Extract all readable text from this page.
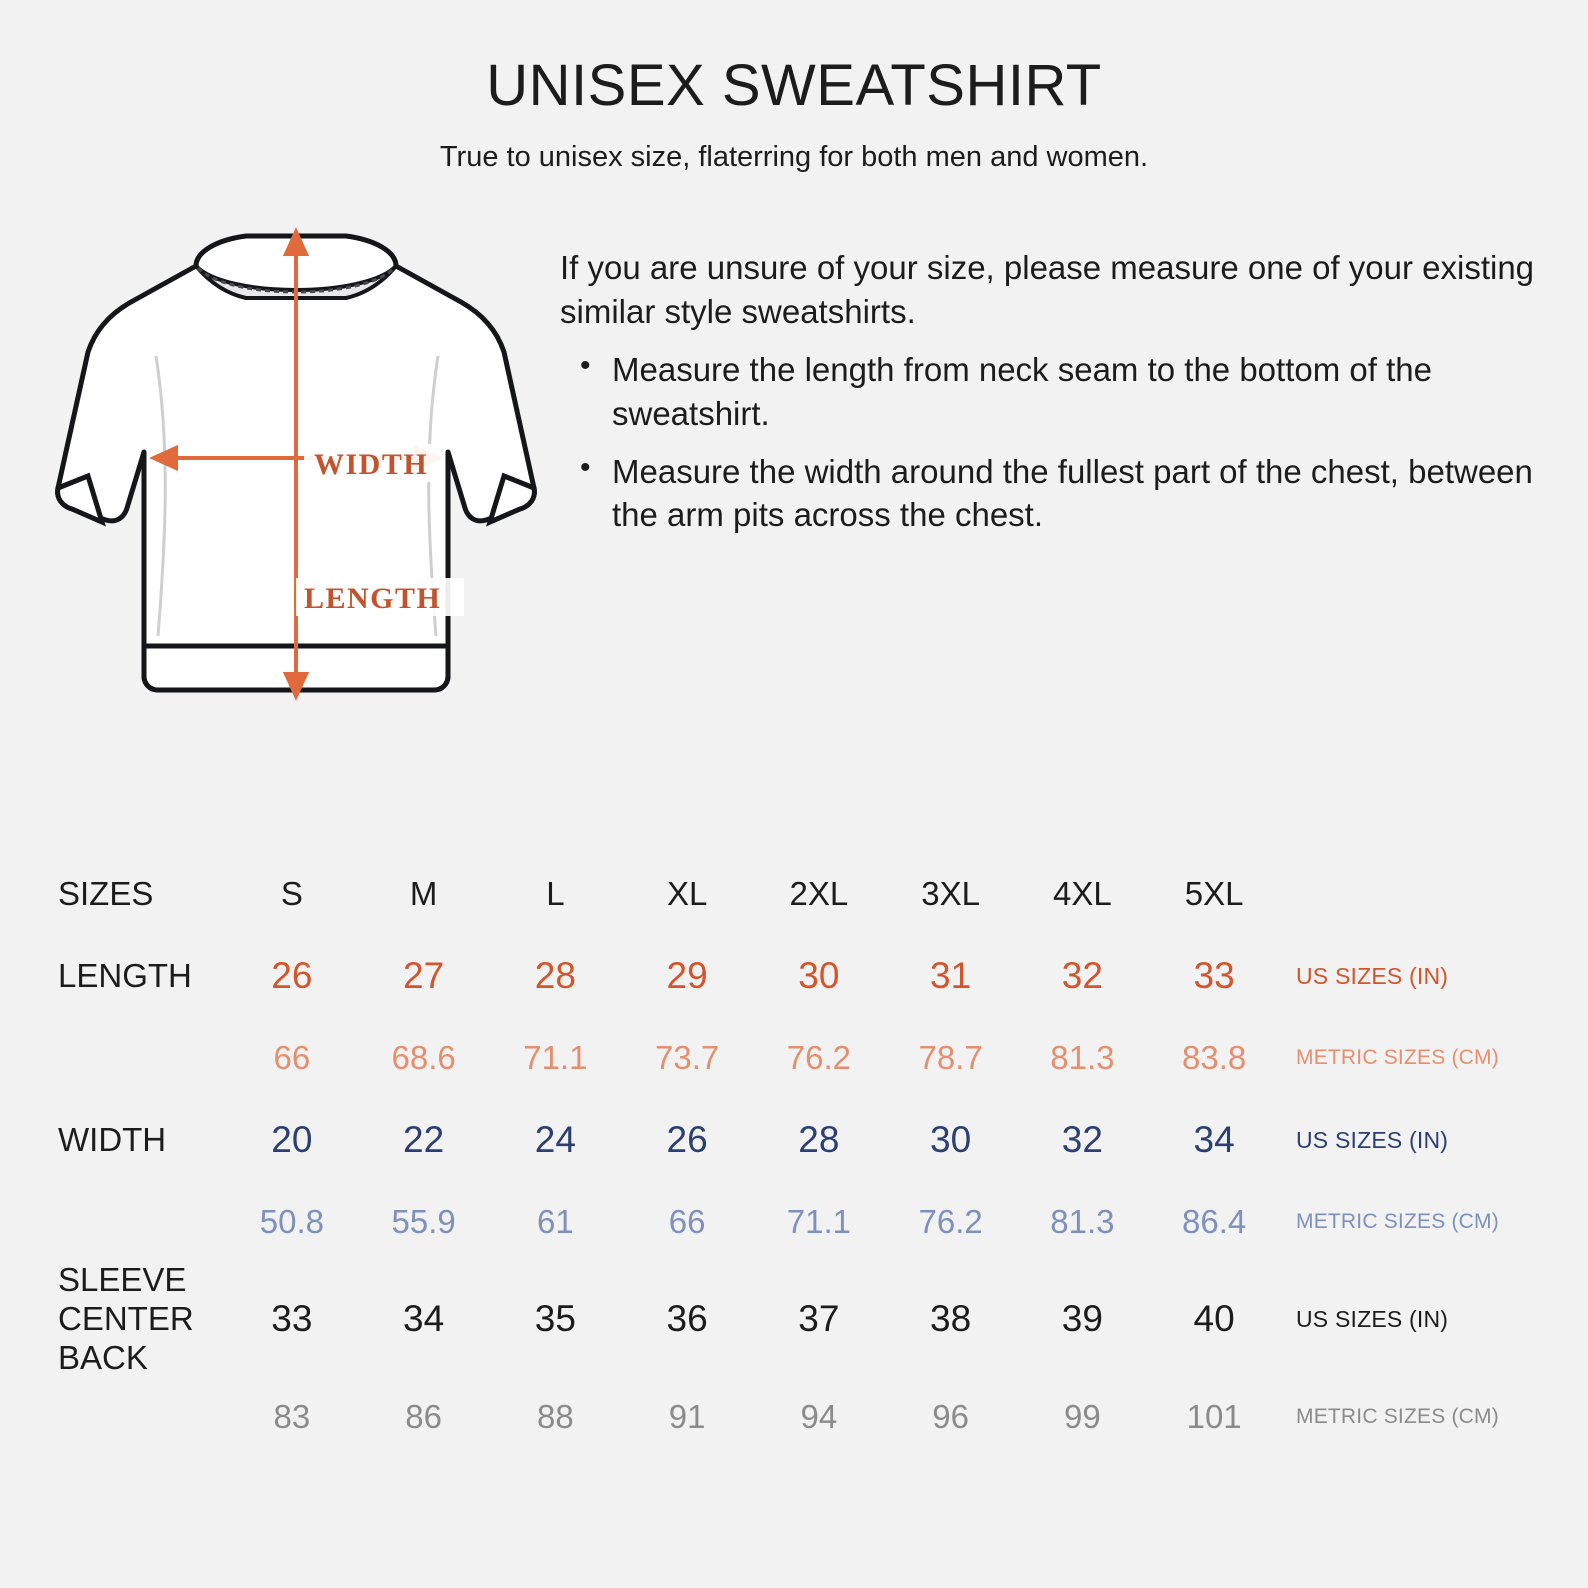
UNISEX SWEATSHIRT
True to unisex size, flaterring for both men and women.
WIDTH
LENGTH

If you are unsure of your size, please measure one of your existing similar style sweatshirts.

• Measure the length from neck seam to the bottom of the sweatshirt.
• Measure the width around the fullest part of the chest, between the arm pits across the chest.
SIZES	S	M	L	XL	2XL	3XL	4XL	5XL	
LENGTH	26	27	28	29	30	31	32	33	US SIZES (IN)
	66	68.6	71.1	73.7	76.2	78.7	81.3	83.8	METRIC SIZES (CM)
WIDTH	20	22	24	26	28	30	32	34	US SIZES (IN)
	50.8	55.9	61	66	71.1	76.2	81.3	86.4	METRIC SIZES (CM)

SLEEVE
CENTER
BACK	33	34	35	36	37	38	39	40	US SIZES (IN)
	83	86	88	91	94	96	99	101	METRIC SIZES (CM)
